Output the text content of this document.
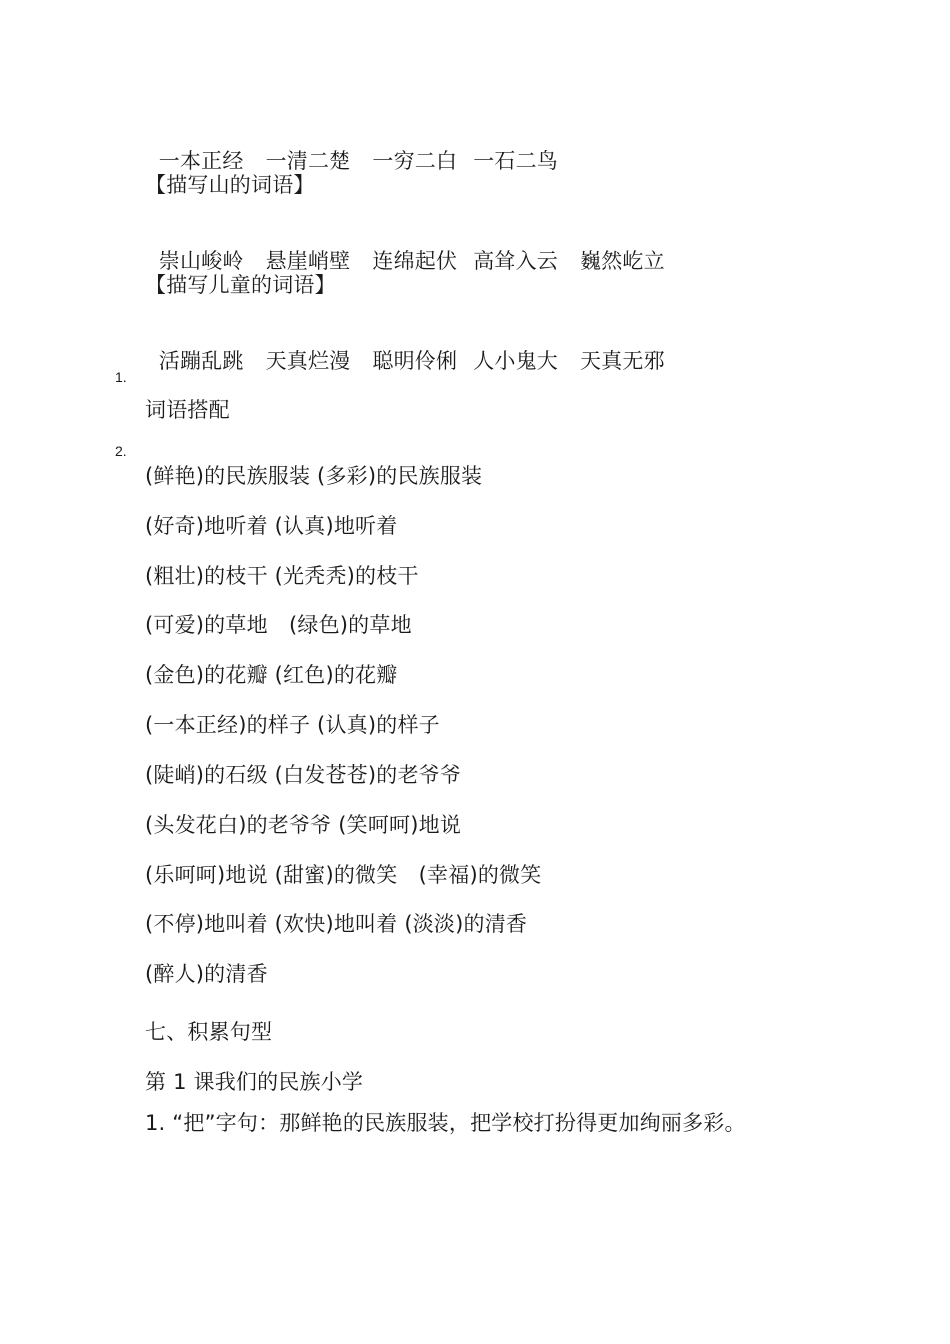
一本正经 一清二楚 一穷二白 一石二鸟

【描写山的词语】

崇山峻岭 悬崖峭壁 连绵起伏 高耸入云 巍然屹立

【描写儿童的词语】

活蹦乱跳 天真烂漫 聪明伶俐 人小鬼大 天真无邪

1.
词语搭配
2.
(鲜艳)的民族服装 (多彩)的民族服装
(好奇)地听着 (认真)地听着
(粗壮)的枝干 (光秃秃)的枝干
(可爱)的草地　(绿色)的草地
(金色)的花瓣 (红色)的花瓣
(一本正经)的样子 (认真)的样子
(陡峭)的石级 (白发苍苍)的老爷爷
(头发花白)的老爷爷 (笑呵呵)地说
(乐呵呵)地说 (甜蜜)的微笑　(幸福)的微笑
(不停)地叫着 (欢快)地叫着 (淡淡)的清香
(醉人)的清香
七、积累句型
第 1 课我们的民族小学
1. “把”字句：那鲜艳的民族服装，把学校打扮得更加绚丽多彩。
